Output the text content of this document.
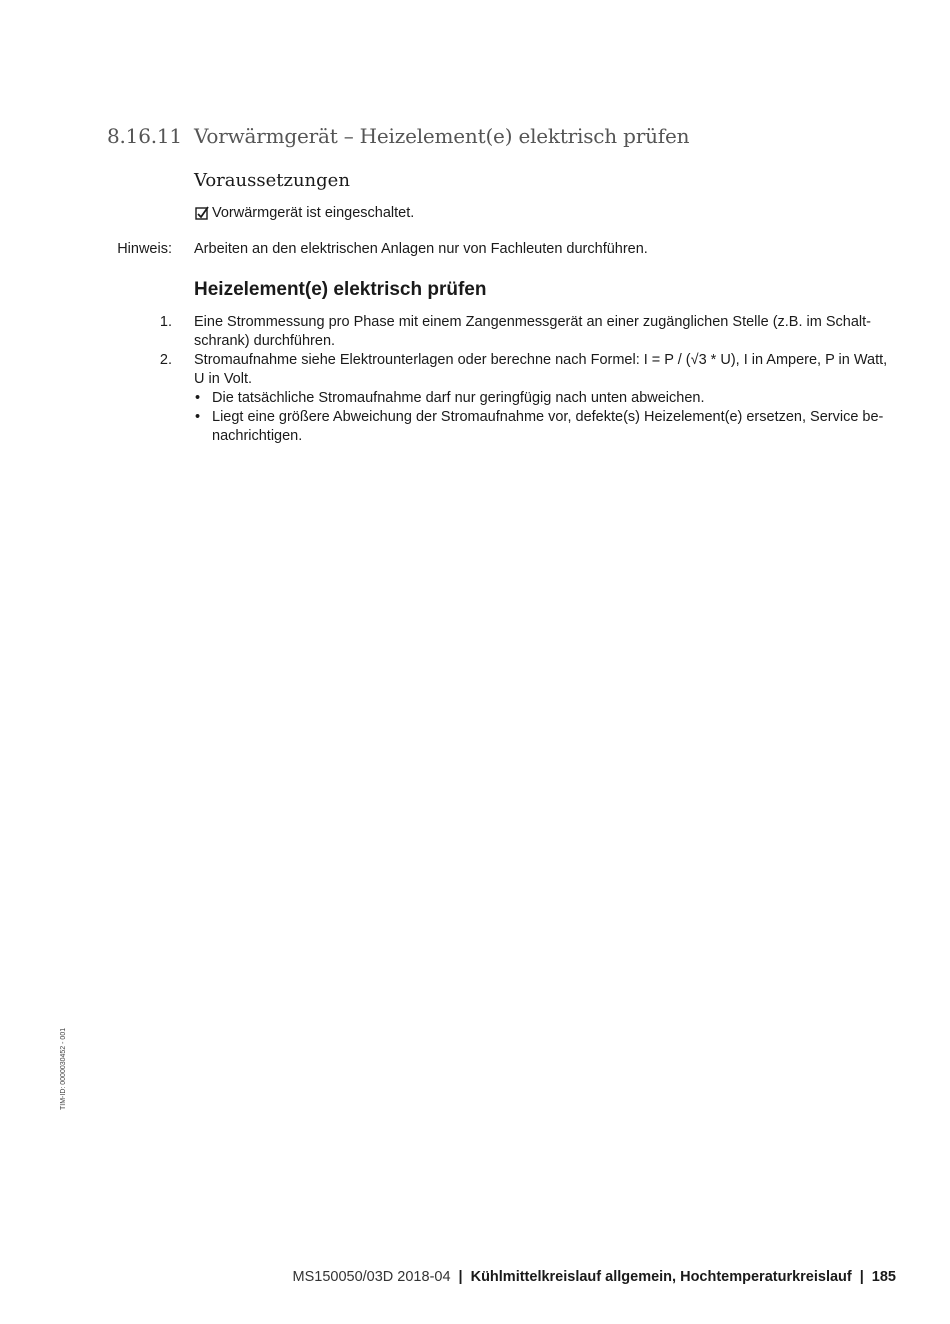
8.16.11 Vorwärmgerät – Heizelement(e) elektrisch prüfen
Voraussetzungen
Vorwärmgerät ist eingeschaltet.
Hinweis: Arbeiten an den elektrischen Anlagen nur von Fachleuten durchführen.
Heizelement(e) elektrisch prüfen
1. Eine Strommessung pro Phase mit einem Zangenmessgerät an einer zugänglichen Stelle (z.B. im Schalt-
schrank) durchführen.
2. Stromaufnahme siehe Elektrounterlagen oder berechne nach Formel: I = P / (√3 * U), I in Ampere, P in Watt,
U in Volt.
• Die tatsächliche Stromaufnahme darf nur geringfügig nach unten abweichen.
• Liegt eine größere Abweichung der Stromaufnahme vor, defekte(s) Heizelement(e) ersetzen, Service be-
nachrichtigen.
TIM-ID: 0000030452 - 001
MS150050/03D 2018-04 | Kühlmittelkreislauf allgemein, Hochtemperaturkreislauf | 185
